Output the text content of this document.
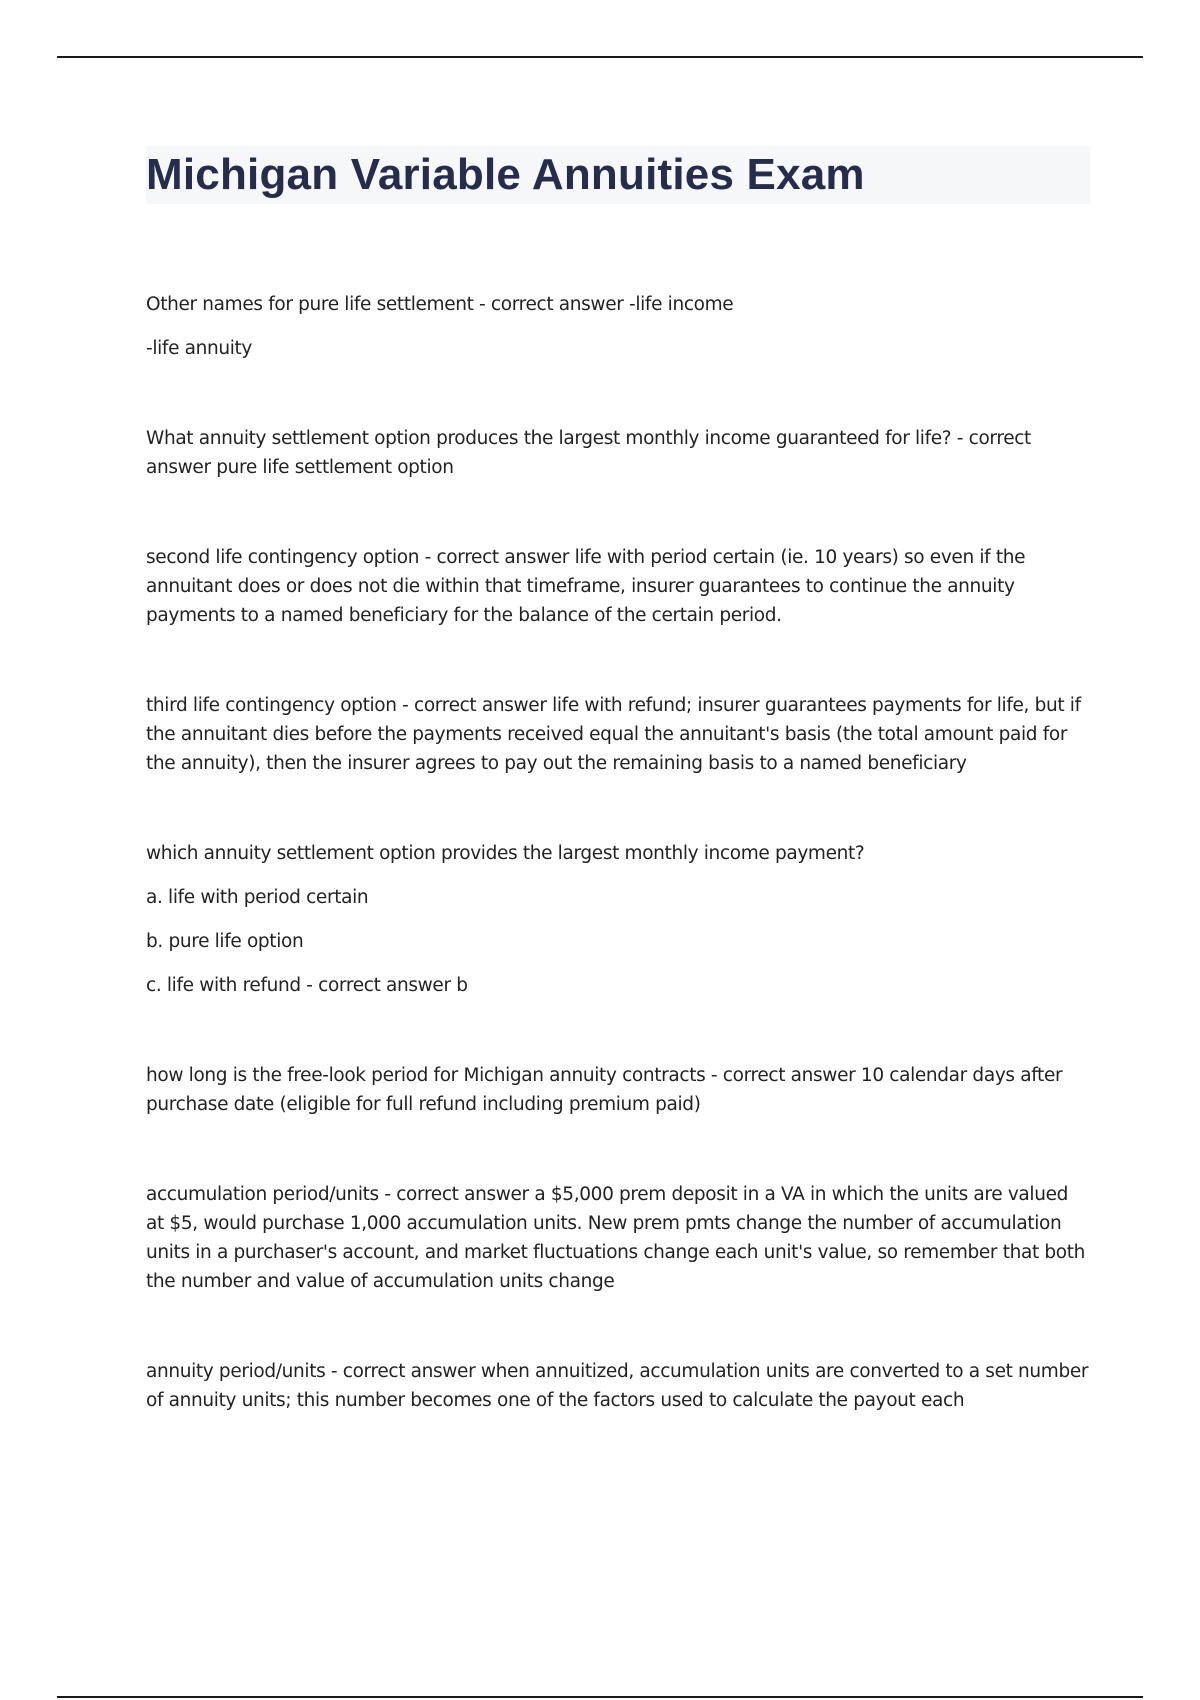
Michigan Variable Annuities Exam

Other names for pure life settlement - correct answer -life income

-life annuity

What annuity settlement option produces the largest monthly income guaranteed for life? - correct answer pure life settlement option

second life contingency option - correct answer life with period certain (ie. 10 years) so even if the annuitant does or does not die within that timeframe, insurer guarantees to continue the annuity payments to a named beneficiary for the balance of the certain period.

third life contingency option - correct answer life with refund; insurer guarantees payments for life, but if the annuitant dies before the payments received equal the annuitant's basis (the total amount paid for the annuity), then the insurer agrees to pay out the remaining basis to a named beneficiary

which annuity settlement option provides the largest monthly income payment?

a. life with period certain

b. pure life option

c. life with refund - correct answer b

how long is the free-look period for Michigan annuity contracts - correct answer 10 calendar days after purchase date (eligible for full refund including premium paid)

accumulation period/units - correct answer a $5,000 prem deposit in a VA in which the units are valued at $5, would purchase 1,000 accumulation units. New prem pmts change the number of accumulation units in a purchaser's account, and market fluctuations change each unit's value, so remember that both the number and value of accumulation units change

annuity period/units - correct answer when annuitized, accumulation units are converted to a set number of annuity units; this number becomes one of the factors used to calculate the payout each
